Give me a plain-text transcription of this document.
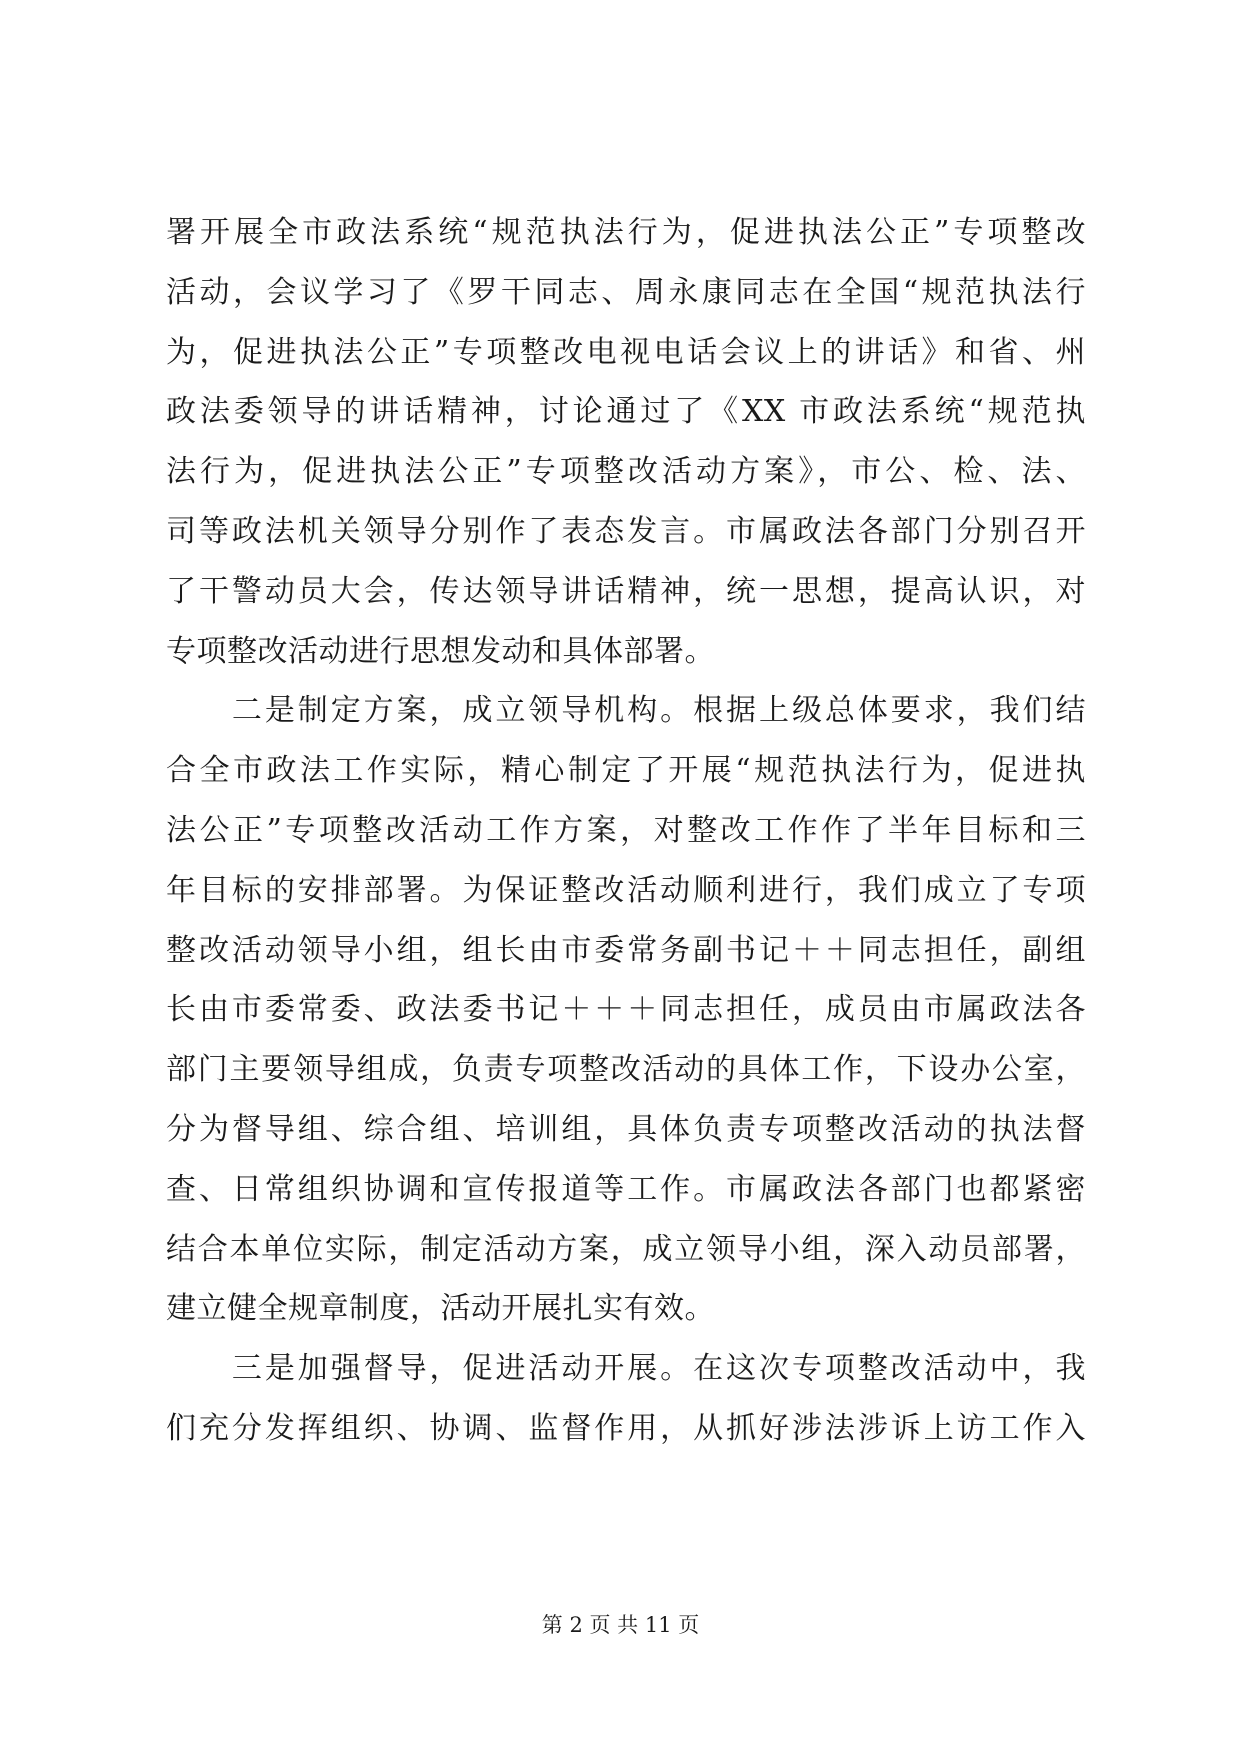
署开展全市政法系统“规范执法行为，促进执法公正”专项整改
活动，会议学习了《罗干同志、周永康同志在全国“规范执法行
为，促进执法公正”专项整改电视电话会议上的讲话》和省、州
政法委领导的讲话精神，讨论通过了《XX 市政法系统“规范执
法行为，促进执法公正”专项整改活动方案》，市公、检、法、
司等政法机关领导分别作了表态发言。市属政法各部门分别召开
了干警动员大会，传达领导讲话精神，统一思想，提高认识，对
专项整改活动进行思想发动和具体部署。
　　二是制定方案，成立领导机构。根据上级总体要求，我们结
合全市政法工作实际，精心制定了开展“规范执法行为，促进执
法公正”专项整改活动工作方案，对整改工作作了半年目标和三
年目标的安排部署。为保证整改活动顺利进行，我们成立了专项
整改活动领导小组，组长由市委常务副书记＋＋同志担任，副组
长由市委常委、政法委书记＋＋＋同志担任，成员由市属政法各
部门主要领导组成，负责专项整改活动的具体工作，下设办公室，
分为督导组、综合组、培训组，具体负责专项整改活动的执法督
查、日常组织协调和宣传报道等工作。市属政法各部门也都紧密
结合本单位实际，制定活动方案，成立领导小组，深入动员部署，
建立健全规章制度，活动开展扎实有效。
　　三是加强督导，促进活动开展。在这次专项整改活动中，我
们充分发挥组织、协调、监督作用，从抓好涉法涉诉上访工作入
第 2 页 共 11 页
